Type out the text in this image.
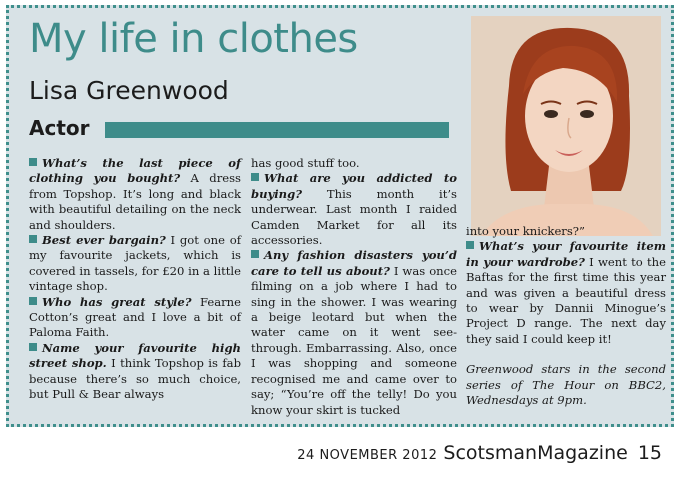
My life in clothes
Lisa Greenwood
Actor

What’s the last piece of clothing you bought? A dress from Topshop. It’s long and black with beautiful detailing on the neck and shoulders.

Best ever bargain? I got one of my favourite jackets, which is covered in tassels, for £20 in a little vintage shop.

Who has great style? Fearne Cotton’s great and I love a bit of Paloma Faith.

Name your favourite high street shop. I think Topshop is fab because there’s so much choice, but Pull & Bear always

has good stuff too.

What are you addicted to buying? This month it’s underwear. Last month I raided Camden Market for all its accessories.

Any fashion disasters you’d care to tell us about? I was once filming on a job where I had to sing in the shower. I was wearing a beige leotard but when the water came on it went see-through. Embarrassing. Also, once I was shopping and someone recognised me and came over to say; “You’re off the telly! Do you know your skirt is tucked

into your knickers?”

What’s your favourite item in your wardrobe? I went to the Baftas for the first time this year and was given a beautiful dress to wear by Dannii Minogue’s Project D range. The next day they said I could keep it!

Greenwood stars in the second series of The Hour on BBC2, Wednesdays at 9pm.

24 NOVEMBER 2012 ScotsmanMagazine 15
